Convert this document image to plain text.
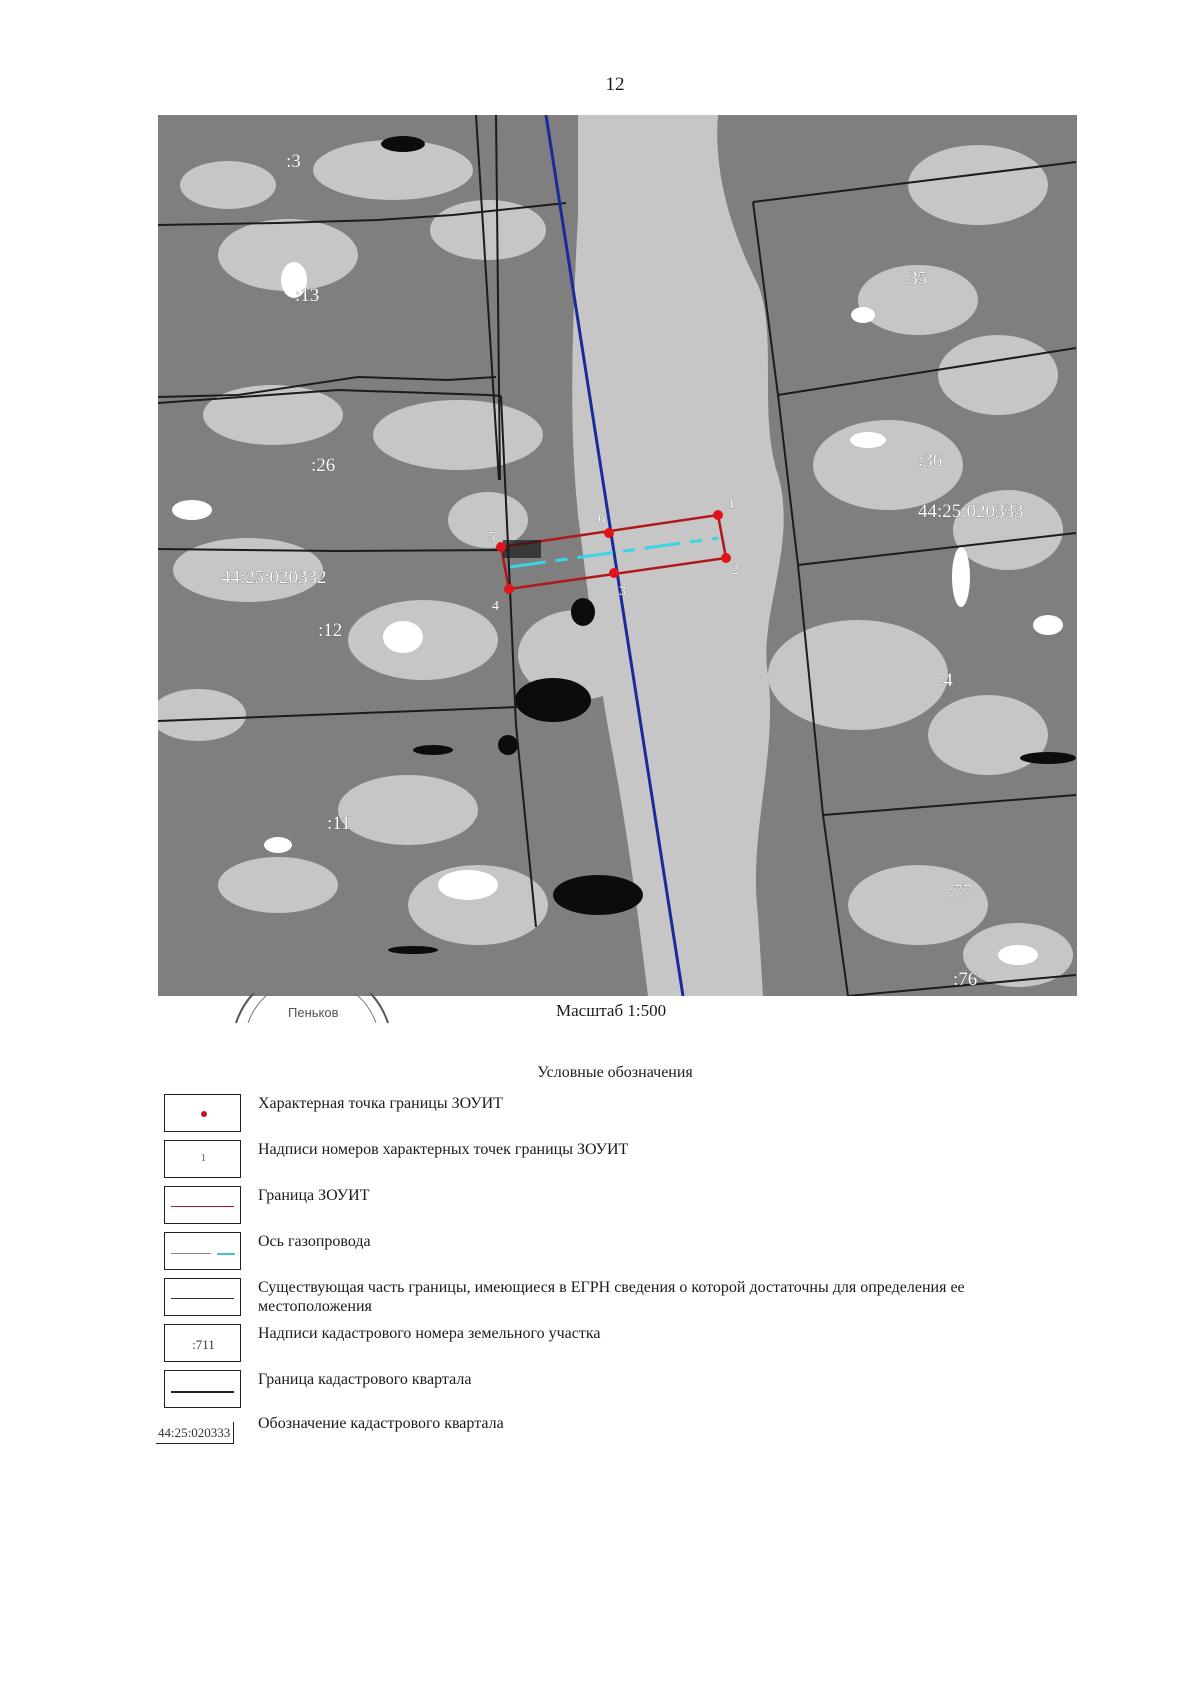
12
1
2
3
4
5
6
:3
:13
:35
:26	:36
:12
:4
:11
:77
:76
44:25:020332
44:25:020333
Пеньков	Масштаб 1:500
Условные обозначения
Характерная точка границы ЗОУИТ
1
Надписи номеров характерных точек границы ЗОУИТ
Граница ЗОУИТ
Ось газопровода
Существующая часть границы, имеющиеся в ЕГРН сведения о которой достаточны для определения ее местоположения
:711
Надписи кадастрового номера земельного участка
Граница кадастрового квартала
44:25:020333
Обозначение кадастрового квартала
